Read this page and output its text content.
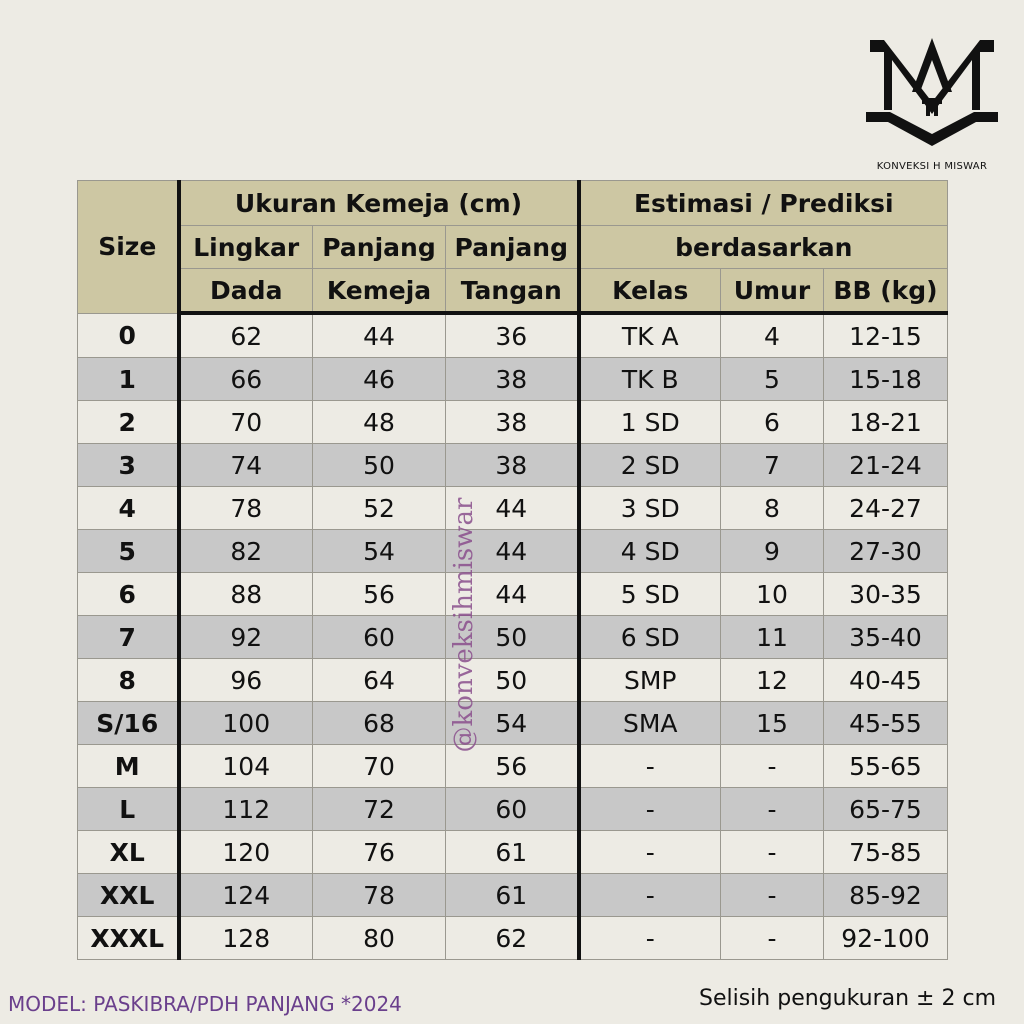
KONVEKSI H MISWAR
Size	Ukuran Kemeja (cm)			Estimasi / Prediksi		
	Lingkar	Panjang	Panjang	berdasarkan		
	Dada	Kemeja	Tangan	Kelas	Umur	BB (kg)
0	62	44	36	TK A	4	12-15
1	66	46	38	TK B	5	15-18
2	70	48	38	1 SD	6	18-21
3	74	50	38	2 SD	7	21-24
4	78	52	44	3 SD	8	24-27
5	82	54	44	4 SD	9	27-30
6	88	56	44	5 SD	10	30-35
7	92	60	50	6 SD	11	35-40
8	96	64	50	SMP	12	40-45
S/16	100	68	54	SMA	15	45-55
M	104	70	56	-	-	55-65
L	112	72	60	-	-	65-75
XL	120	76	61	-	-	75-85
XXL	124	78	61	-	-	85-92
XXXL	128	80	62	-	-	92-100
@konveksihmiswar
MODEL: PASKIBRA/PDH PANJANG *2024	Selisih pengukuran ± 2 cm
